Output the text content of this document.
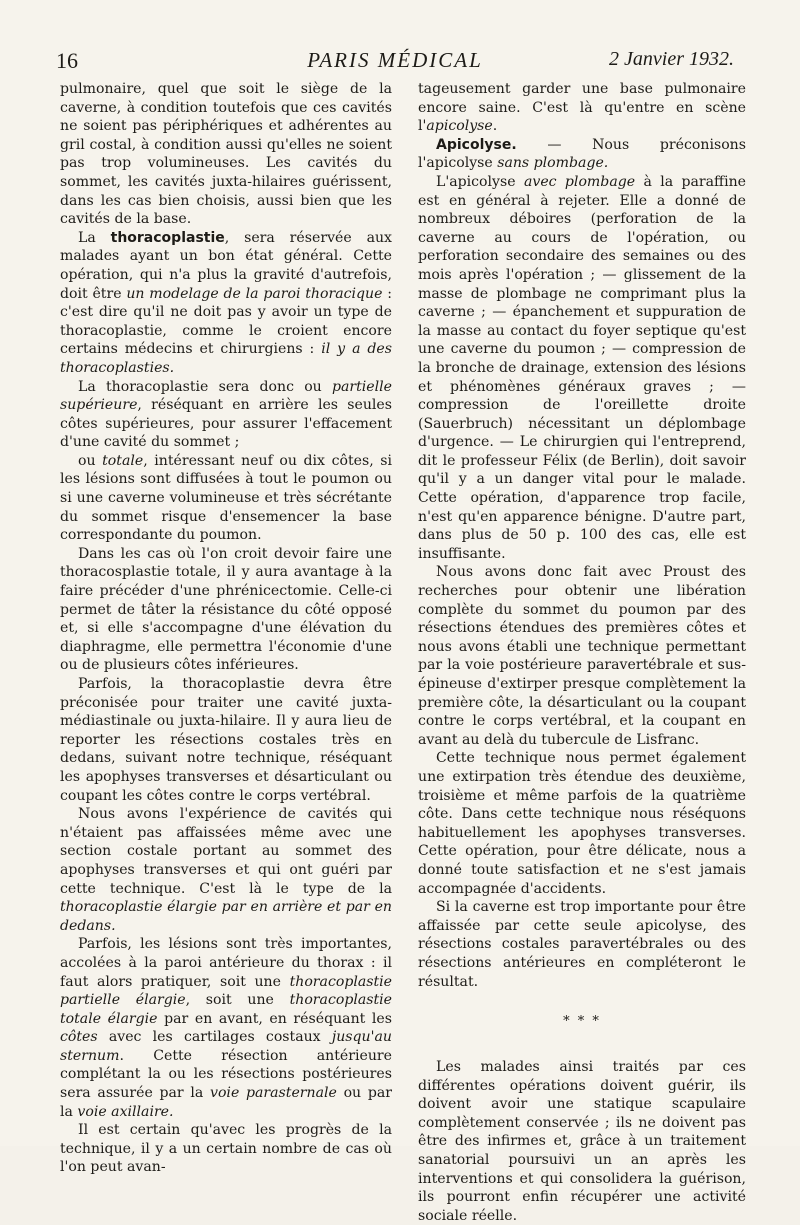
16	PARIS MÉDICAL	2 Janvier 1932.

pulmonaire, quel que soit le siège de la caverne, à condition toutefois que ces cavités ne soient pas périphériques et adhérentes au gril costal, à condition aussi qu'elles ne soient pas trop volumineuses. Les cavités du sommet, les cavités juxta-hilaires guérissent, dans les cas bien choisis, aussi bien que les cavités de la base.

La thoracoplastie, sera réservée aux malades ayant un bon état général. Cette opération, qui n'a plus la gravité d'autrefois, doit être un modelage de la paroi thoracique : c'est dire qu'il ne doit pas y avoir un type de thoracoplastie, comme le croient encore certains médecins et chirurgiens : il y a des thoracoplasties.

La thoracoplastie sera donc ou partielle supérieure, réséquant en arrière les seules côtes supérieures, pour assurer l'effacement d'une cavité du sommet ;

ou totale, intéressant neuf ou dix côtes, si les lésions sont diffusées à tout le poumon ou si une caverne volumineuse et très sécrétante du sommet risque d'ensemencer la base correspondante du poumon.

Dans les cas où l'on croit devoir faire une thoracosplastie totale, il y aura avantage à la faire précéder d'une phrénicectomie. Celle-ci permet de tâter la résistance du côté opposé et, si elle s'accompagne d'une élévation du diaphragme, elle permettra l'économie d'une ou de plusieurs côtes inférieures.

Parfois, la thoracoplastie devra être préconisée pour traiter une cavité juxta-médiastinale ou juxta-hilaire. Il y aura lieu de reporter les résections costales très en dedans, suivant notre technique, réséquant les apophyses transverses et désarticulant ou coupant les côtes contre le corps vertébral.

Nous avons l'expérience de cavités qui n'étaient pas affaissées même avec une section costale portant au sommet des apophyses transverses et qui ont guéri par cette technique. C'est là le type de la thoracoplastie élargie par en arrière et par en dedans.

Parfois, les lésions sont très importantes, accolées à la paroi antérieure du thorax : il faut alors pratiquer, soit une thoracoplastie partielle élargie, soit une thoracoplastie totale élargie par en avant, en réséquant les côtes avec les cartilages costaux jusqu'au sternum. Cette résection antérieure complétant la ou les résections postérieures sera assurée par la voie parasternale ou par la voie axillaire.

Il est certain qu'avec les progrès de la technique, il y a un certain nombre de cas où l'on peut avan-

tageusement garder une base pulmonaire encore saine. C'est là qu'entre en scène l'apicolyse.

Apicolyse. — Nous préconisons l'apicolyse sans plombage.

L'apicolyse avec plombage à la paraffine est en général à rejeter. Elle a donné de nombreux déboires (perforation de la caverne au cours de l'opération, ou perforation secondaire des semaines ou des mois après l'opération ; — glissement de la masse de plombage ne comprimant plus la caverne ; — épanchement et suppuration de la masse au contact du foyer septique qu'est une caverne du poumon ; — compression de la bronche de drainage, extension des lésions et phénomènes généraux graves ; — compression de l'oreillette droite (Sauerbruch) nécessitant un déplombage d'urgence. — Le chirurgien qui l'entreprend, dit le professeur Félix (de Berlin), doit savoir qu'il y a un danger vital pour le malade. Cette opération, d'apparence trop facile, n'est qu'en apparence bénigne. D'autre part, dans plus de 50 p. 100 des cas, elle est insuffisante.

Nous avons donc fait avec Proust des recherches pour obtenir une libération complète du sommet du poumon par des résections étendues des premières côtes et nous avons établi une technique permettant par la voie postérieure paravertébrale et sus-épineuse d'extirper presque complètement la première côte, la désarticulant ou la coupant contre le corps vertébral, et la coupant en avant au delà du tubercule de Lisfranc.

Cette technique nous permet également une extirpation très étendue des deuxième, troisième et même parfois de la quatrième côte. Dans cette technique nous réséquons habituellement les apophyses transverses. Cette opération, pour être délicate, nous a donné toute satisfaction et ne s'est jamais accompagnée d'accidents.

Si la caverne est trop importante pour être affaissée par cette seule apicolyse, des résections costales paravertébrales ou des résections antérieures en compléteront le résultat.

* * *

Les malades ainsi traités par ces différentes opérations doivent guérir, ils doivent avoir une statique scapulaire complètement conservée ; ils ne doivent pas être des infirmes et, grâce à un traitement sanatorial poursuivi un an après les interventions et qui consolidera la guérison, ils pourront enfin récupérer une activité sociale réelle.
